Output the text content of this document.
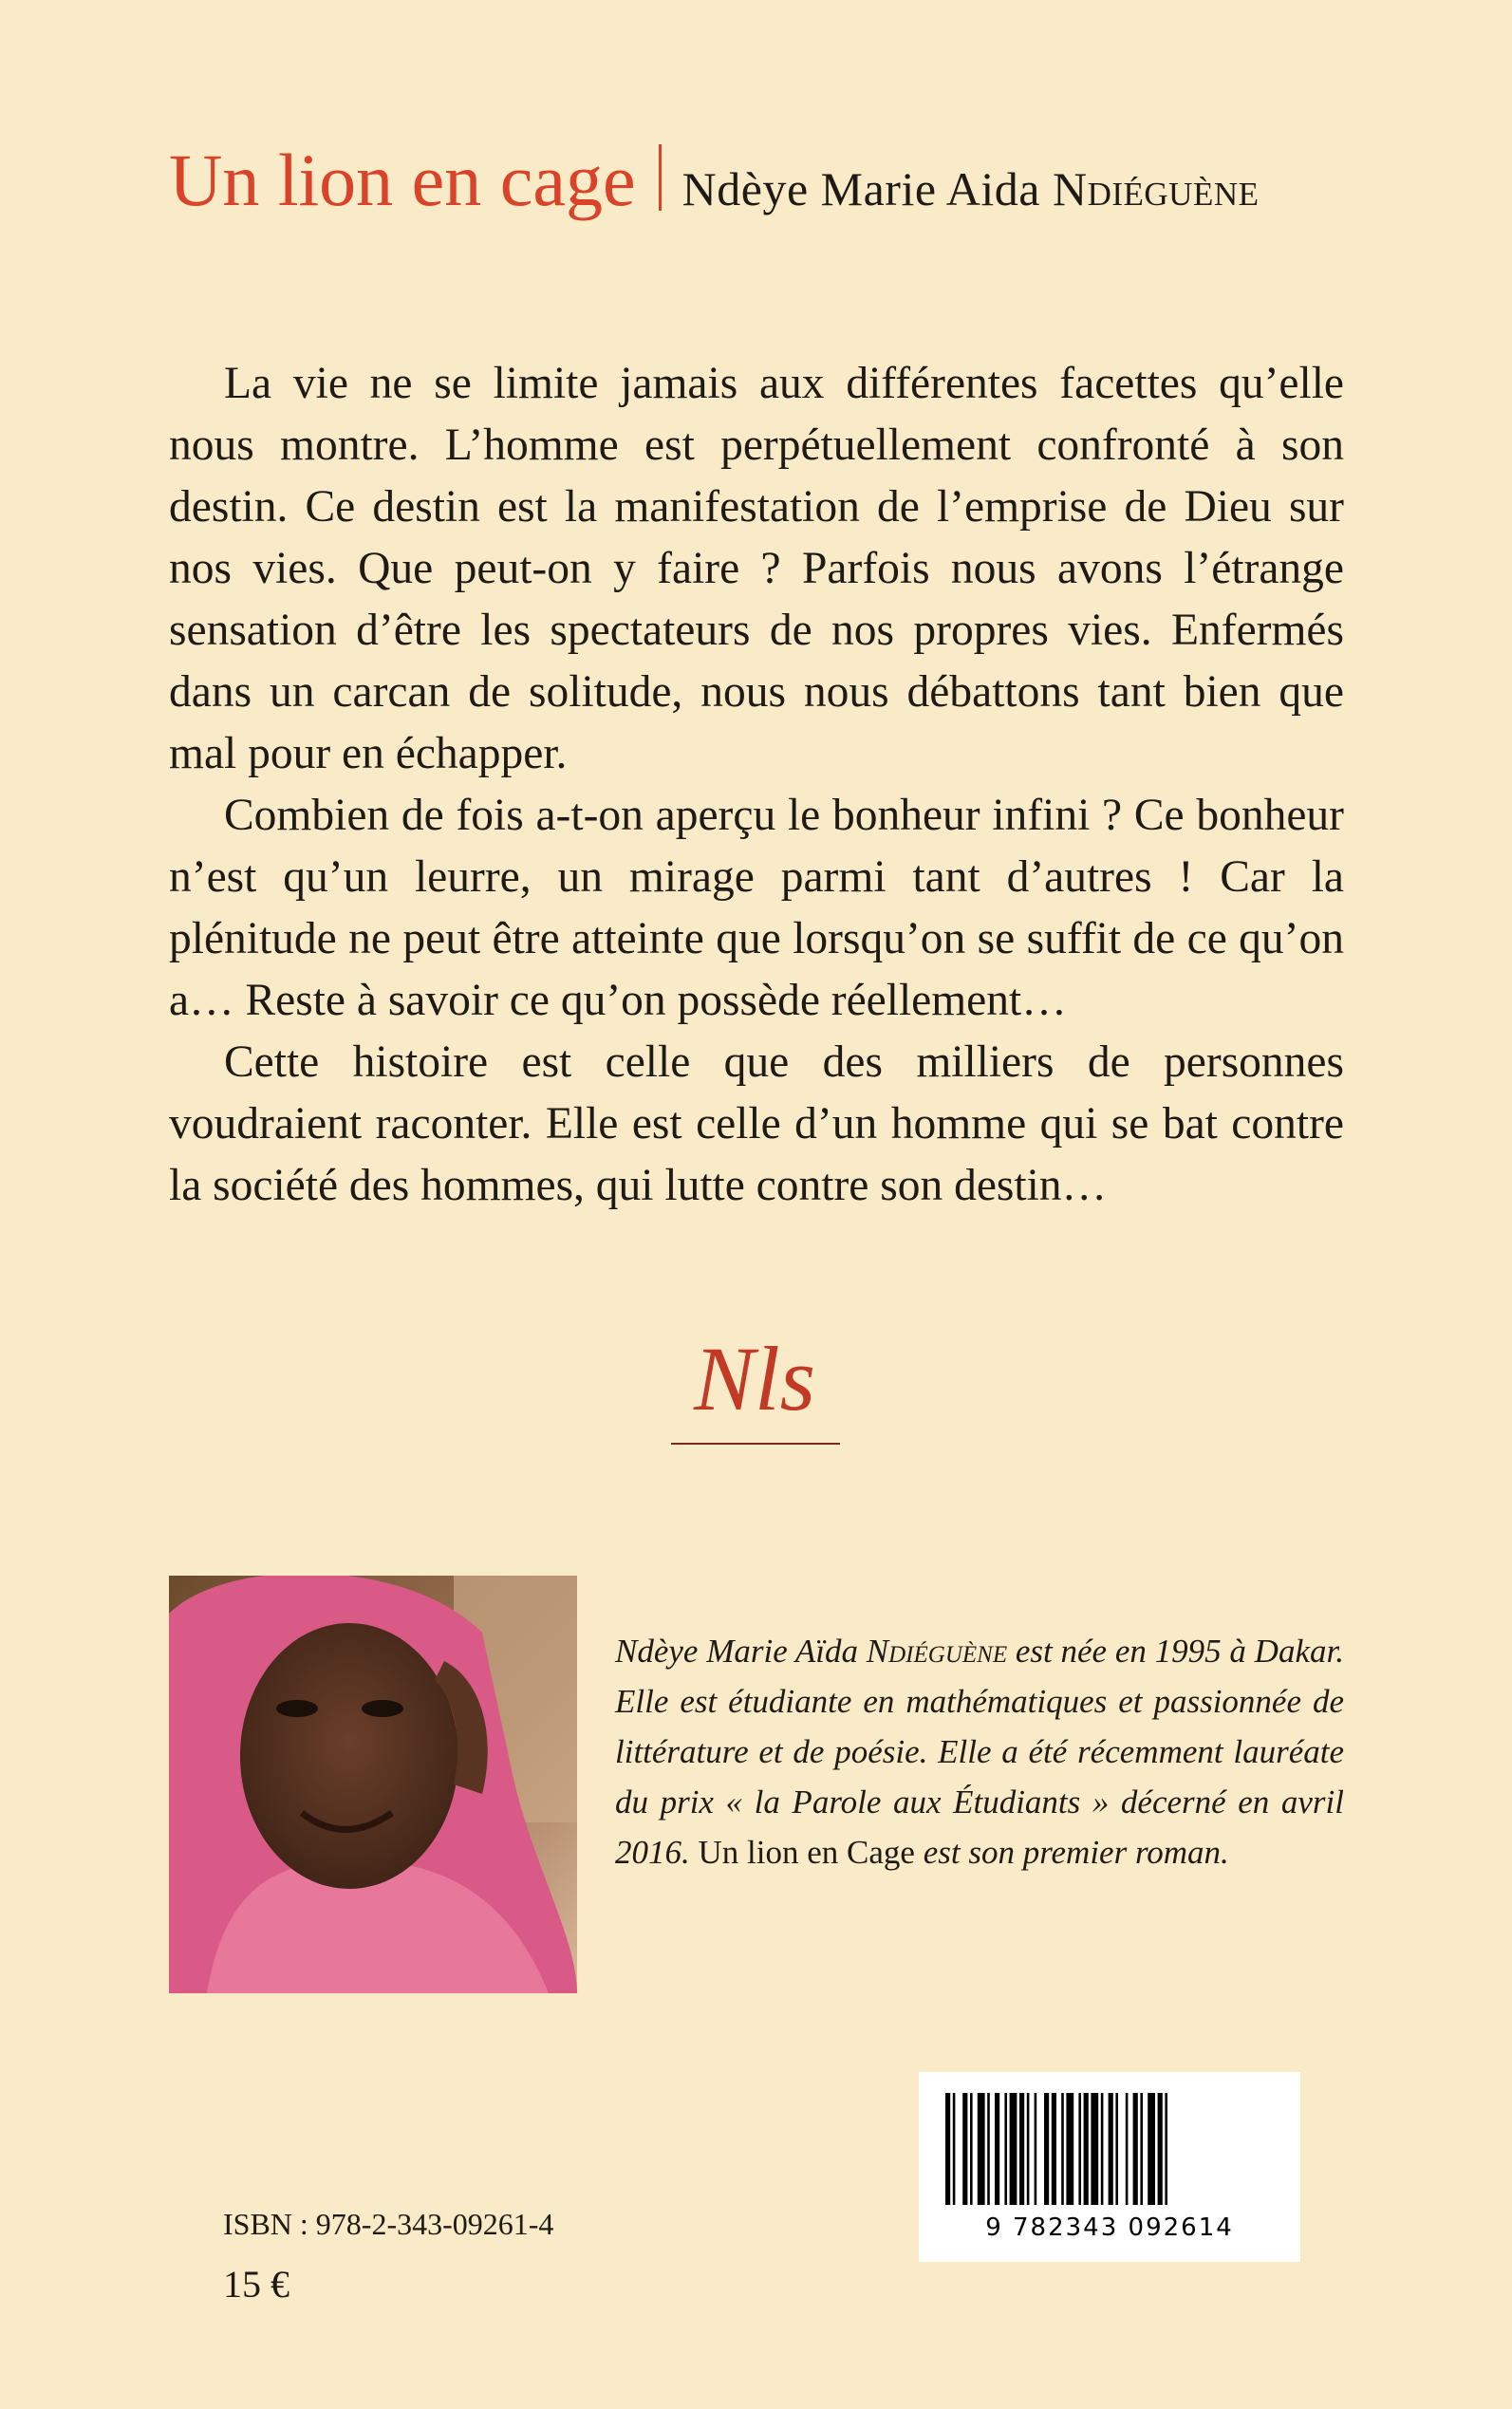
Un lion en cage Ndèye Marie Aida Ndiéguène

La vie ne se limite jamais aux différentes facettes qu’elle nous montre. L’homme est perpétuellement confronté à son destin. Ce destin est la manifestation de l’emprise de Dieu sur nos vies. Que peut-on y faire ? Parfois nous avons l’étrange sensation d’être les spectateurs de nos propres vies. Enfermés dans un carcan de solitude, nous nous débattons tant bien que mal pour en échapper.

Combien de fois a-t-on aperçu le bonheur infini ? Ce bonheur n’est qu’un leurre, un mirage parmi tant d’autres ! Car la plénitude ne peut être atteinte que lorsqu’on se suffit de ce qu’on a… Reste à savoir ce qu’on possède réellement…

Cette histoire est celle que des milliers de personnes voudraient raconter. Elle est celle d’un homme qui se bat contre la société des hommes, qui lutte contre son destin…

Nls
Ndèye Marie Aïda Ndiéguène est née en 1995 à Dakar. Elle est étudiante en mathématiques et passionnée de littérature et de poésie. Elle a été récemment lauréate du prix « la Parole aux Étudiants » décerné en avril 2016. Un lion en Cage est son premier roman.
9 782343 092614
ISBN : 978-2-343-09261-4
15 €
